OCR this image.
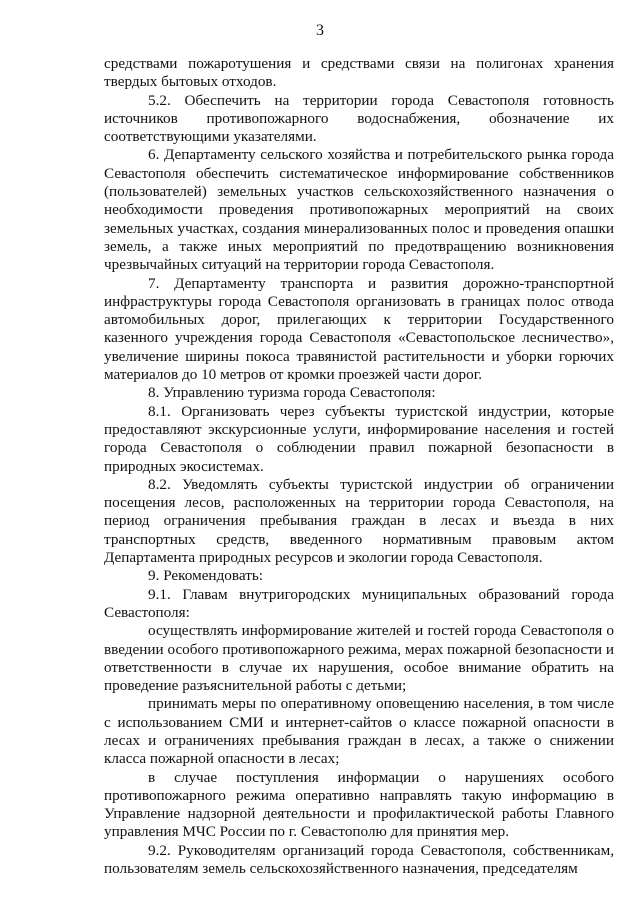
3

средствами пожаротушения и средствами связи на полигонах хранения твердых бытовых отходов.

5.2. Обеспечить на территории города Севастополя готовность источников противопожарного водоснабжения, обозначение их соответствующими указателями.

6. Департаменту сельского хозяйства и потребительского рынка города Севастополя обеспечить систематическое информирование собственников (пользователей) земельных участков сельскохозяйственного назначения о необходимости проведения противопожарных мероприятий на своих земельных участках, создания минерализованных полос и проведения опашки земель, а также иных мероприятий по предотвращению возникновения чрезвычайных ситуаций на территории города Севастополя.

7. Департаменту транспорта и развития дорожно-транспортной инфраструктуры города Севастополя организовать в границах полос отвода автомобильных дорог, прилегающих к территории Государственного казенного учреждения города Севастополя «Севастопольское лесничество», увеличение ширины покоса травянистой растительности и уборки горючих материалов до 10 метров от кромки проезжей части дорог.

8. Управлению туризма города Севастополя:

8.1. Организовать через субъекты туристской индустрии, которые предоставляют экскурсионные услуги, информирование населения и гостей города Севастополя о соблюдении правил пожарной безопасности в природных экосистемах.

8.2. Уведомлять субъекты туристской индустрии об ограничении посещения лесов, расположенных на территории города Севастополя, на период ограничения пребывания граждан в лесах и въезда в них транспортных средств, введенного нормативным правовым актом Департамента природных ресурсов и экологии города Севастополя.

9. Рекомендовать:

9.1. Главам внутригородских муниципальных образований города Севастополя:

осуществлять информирование жителей и гостей города Севастополя о введении особого противопожарного режима, мерах пожарной безопасности и ответственности в случае их нарушения, особое внимание обратить на проведение разъяснительной работы с детьми;

принимать меры по оперативному оповещению населения, в том числе с использованием СМИ и интернет-сайтов о классе пожарной опасности в лесах и ограничениях пребывания граждан в лесах, а также о снижении класса пожарной опасности в лесах;

в случае поступления информации о нарушениях особого противопожарного режима оперативно направлять такую информацию в Управление надзорной деятельности и профилактической работы Главного управления МЧС России по г. Севастополю для принятия мер.

9.2. Руководителям организаций города Севастополя, собственникам, пользователям земель сельскохозяйственного назначения, председателям
